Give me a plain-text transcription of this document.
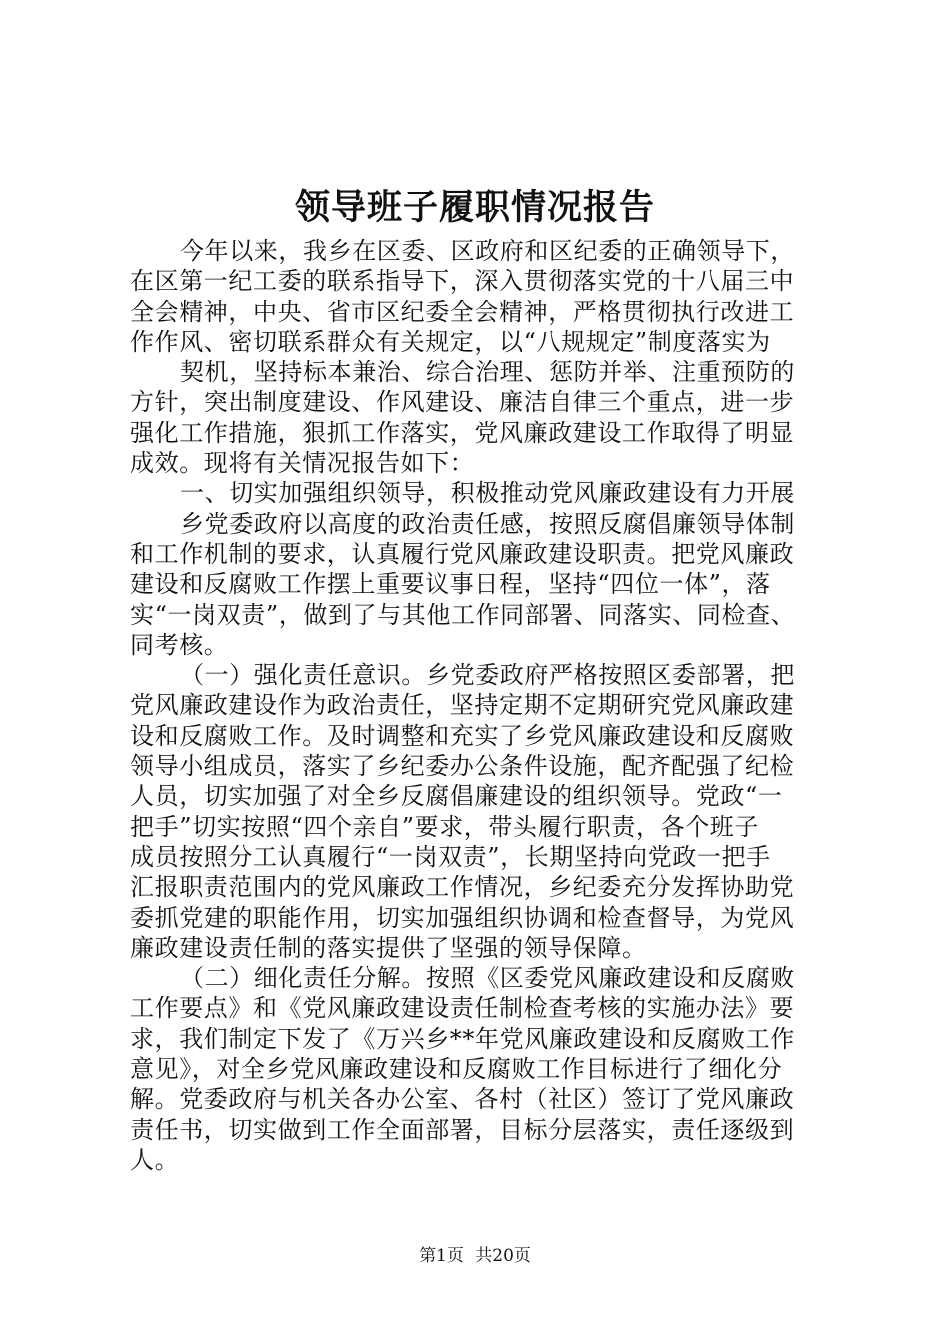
领导班子履职情况报告
今年以来，我乡在区委、区政府和区纪委的正确领导下，
在区第一纪工委的联系指导下，深入贯彻落实党的十八届三中
全会精神，中央、省市区纪委全会精神，严格贯彻执行改进工
作作风、密切联系群众有关规定，以“八规规定”制度落实为
契机，坚持标本兼治、综合治理、惩防并举、注重预防的
方针，突出制度建设、作风建设、廉洁自律三个重点，进一步
强化工作措施，狠抓工作落实，党风廉政建设工作取得了明显
成效。现将有关情况报告如下：
一、切实加强组织领导，积极推动党风廉政建设有力开展
乡党委政府以高度的政治责任感，按照反腐倡廉领导体制
和工作机制的要求，认真履行党风廉政建设职责。把党风廉政
建设和反腐败工作摆上重要议事日程，坚持“四位一体”，落
实“一岗双责”，做到了与其他工作同部署、同落实、同检查、
同考核。
（一）强化责任意识。乡党委政府严格按照区委部署，把
党风廉政建设作为政治责任，坚持定期不定期研究党风廉政建
设和反腐败工作。及时调整和充实了乡党风廉政建设和反腐败
领导小组成员，落实了乡纪委办公条件设施，配齐配强了纪检
人员，切实加强了对全乡反腐倡廉建设的组织领导。党政“一
把手”切实按照“四个亲自”要求，带头履行职责，各个班子
成员按照分工认真履行“一岗双责”，长期坚持向党政一把手
汇报职责范围内的党风廉政工作情况，乡纪委充分发挥协助党
委抓党建的职能作用，切实加强组织协调和检查督导，为党风
廉政建设责任制的落实提供了坚强的领导保障。
（二）细化责任分解。按照《区委党风廉政建设和反腐败
工作要点》和《党风廉政建设责任制检查考核的实施办法》要
求，我们制定下发了《万兴乡**年党风廉政建设和反腐败工作
意见》，对全乡党风廉政建设和反腐败工作目标进行了细化分
解。党委政府与机关各办公室、各村（社区）签订了党风廉政
责任书，切实做到工作全面部署，目标分层落实，责任逐级到
人。
第1页 共20页
